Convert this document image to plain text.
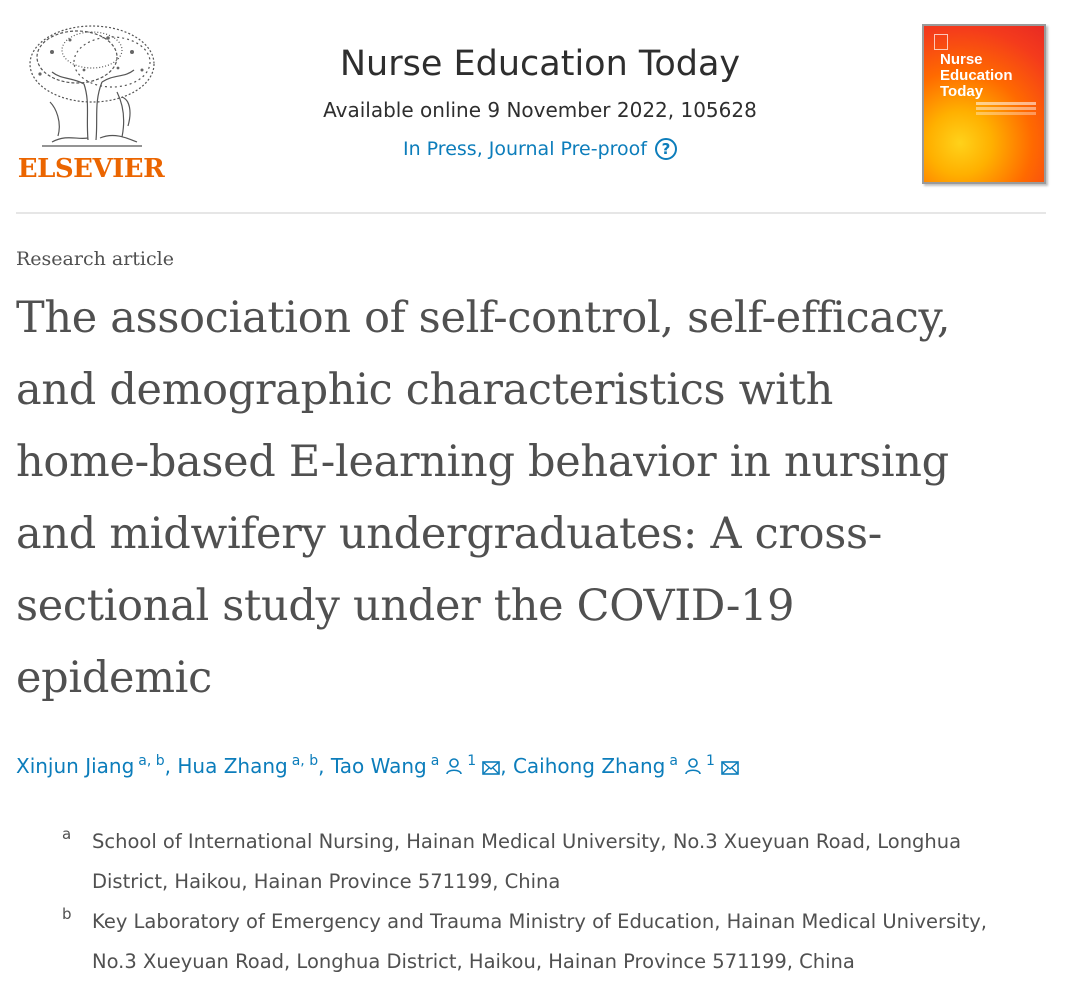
ELSEVIER
Nurse Education Today
Available online 9 November 2022, 105628
In Press, Journal Pre-proof ?
Nurse
Education
Today
Research article
The association of self-control, self-efficacy,
and demographic characteristics with
home-based E-learning behavior in nursing
and midwifery undergraduates: A cross-
sectional study under the COVID-19
epidemic
Xinjun Jiang $^{a, b}$, Hua Zhang $^{a, b}$, Tao Wang $^a$ $^1$ , Caihong Zhang $^a$ $^1$
a School of International Nursing, Hainan Medical University, No.3 Xueyuan Road, Longhua
District, Haikou, Hainan Province 571199, China
b Key Laboratory of Emergency and Trauma Ministry of Education, Hainan Medical University,
No.3 Xueyuan Road, Longhua District, Haikou, Hainan Province 571199, China
